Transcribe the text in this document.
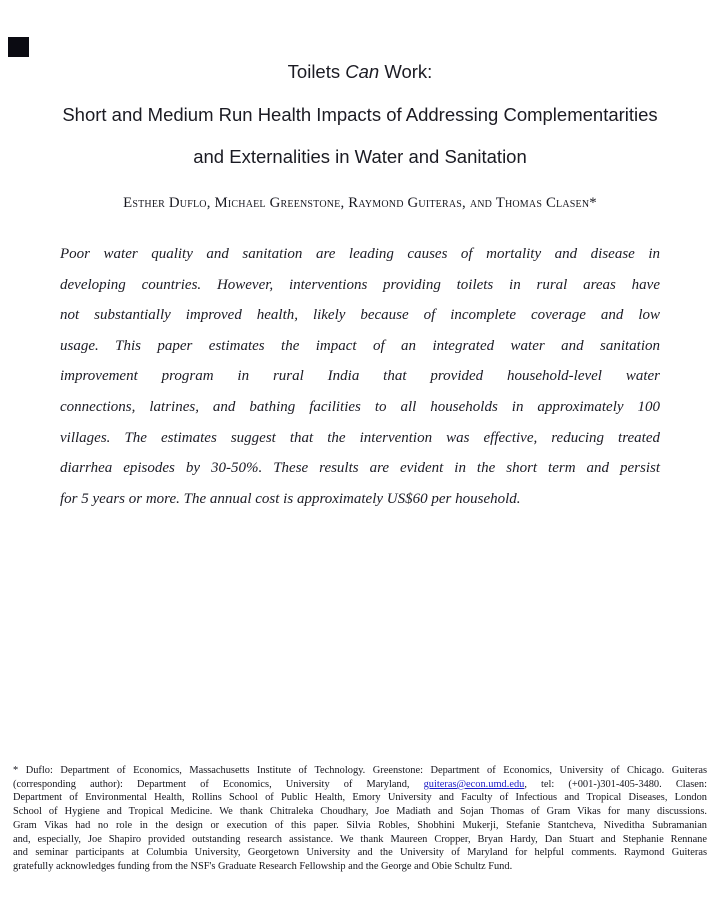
Toilets Can Work:
Short and Medium Run Health Impacts of Addressing Complementarities
and Externalities in Water and Sanitation
Esther Duflo, Michael Greenstone, Raymond Guiteras, and Thomas Clasen*
Poor water quality and sanitation are leading causes of mortality and disease in
developing countries. However, interventions providing toilets in rural areas have
not substantially improved health, likely because of incomplete coverage and low
usage. This paper estimates the impact of an integrated water and sanitation
improvement program in rural India that provided household-level water
connections, latrines, and bathing facilities to all households in approximately 100
villages. The estimates suggest that the intervention was effective, reducing treated
diarrhea episodes by 30-50%. These results are evident in the short term and persist
for 5 years or more. The annual cost is approximately US$60 per household.
* Duflo: Department of Economics, Massachusetts Institute of Technology. Greenstone: Department of Economics, University of Chicago. Guiteras
(corresponding author): Department of Economics, University of Maryland, guiteras@econ.umd.edu, tel: (+001-)301-405-3480. Clasen:
Department of Environmental Health, Rollins School of Public Health, Emory University and Faculty of Infectious and Tropical Diseases, London
School of Hygiene and Tropical Medicine. We thank Chitraleka Choudhary, Joe Madiath and Sojan Thomas of Gram Vikas for many discussions.
Gram Vikas had no role in the design or execution of this paper. Silvia Robles, Shobhini Mukerji, Stefanie Stantcheva, Niveditha Subramanian
and, especially, Joe Shapiro provided outstanding research assistance. We thank Maureen Cropper, Bryan Hardy, Dan Stuart and Stephanie Rennane
and seminar participants at Columbia University, Georgetown University and the University of Maryland for helpful comments. Raymond Guiteras
gratefully acknowledges funding from the NSF's Graduate Research Fellowship and the George and Obie Schultz Fund.
